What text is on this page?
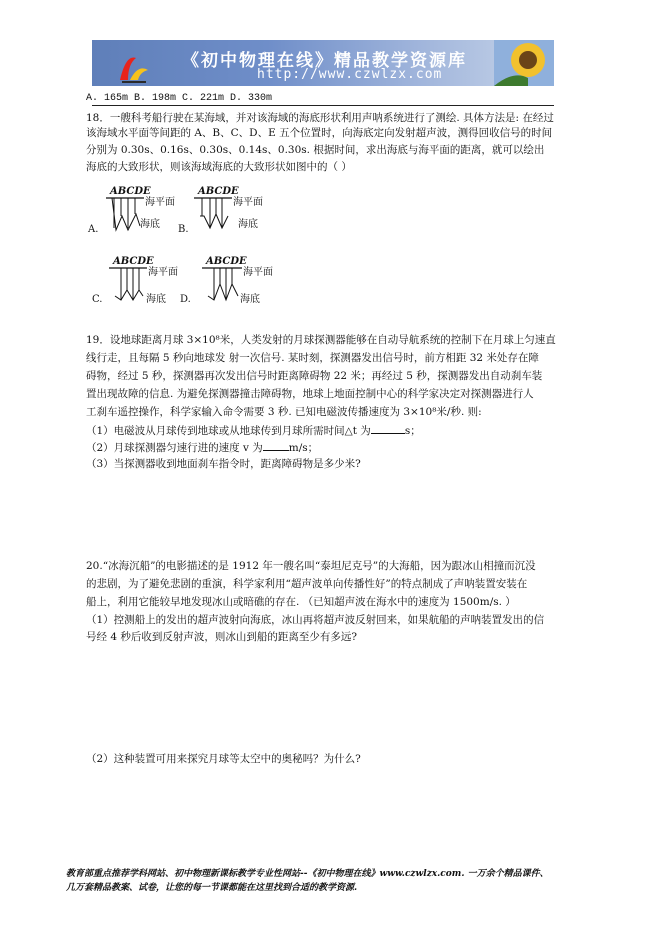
《初中物理在线》精品教学资源库
http://www.czwlzx.com
A. 165m B. 198m C. 221m D. 330m
18．一艘科考船行驶在某海域，并对该海域的海底形状利用声呐系统进行了测绘. 具体方法是: 在经过
该海域水平面等间距的 A、B、C、D、E 五个位置时，向海底定向发射超声波，测得回收信号的时间
分别为 0.30s、0.16s、0.30s、0.14s、0.30s. 根据时间，求出海底与海平面的距离，就可以绘出
海底的大致形状，则该海域海底的大致形状如图中的（ ）
A.
ABCDE
海平面
海底 B.
ABCDE
海平面
海底
C.
ABCDE
海平面
海底 D.
ABCDE
海平面
海底
19．设地球距离月球 3×10⁸米，人类发射的月球探测器能够在自动导航系统的控制下在月球上匀速直
线行走，且每隔 5 秒向地球发 射一次信号. 某时刻，探测器发出信号时，前方相距 32 米处存在障
碍物，经过 5 秒，探测器再次发出信号时距离障碍物 22 米；再经过 5 秒，探测器发出自动刹车装
置出现故障的信息. 为避免探测器撞击障碍物，地球上地面控制中心的科学家决定对探测器进行人
工刹车遥控操作，科学家输入命令需要 3 秒. 已知电磁波传播速度为 3×10⁸米/秒. 则:
（1）电磁波从月球传到地球或从地球传到月球所需时间△t 为	s；
（2）月球探测器匀速行进的速度 v 为 m/s；
（3）当探测器收到地面刹车指令时，距离障碍物是多少米?
20.“冰海沉船”的电影描述的是 1912 年一艘名叫“泰坦尼克号”的大海船，因为跟冰山相撞而沉没
的悲剧，为了避免悲剧的重演，科学家利用“超声波单向传播性好”的特点制成了声呐装置安装在
船上，利用它能较早地发现冰山或暗礁的存在. （已知超声波在海水中的速度为 1500m/s. ）
（1）控测船上的发出的超声波射向海底，冰山再将超声波反射回来，如果航船的声呐装置发出的信
号经 4 秒后收到反射声波，则冰山到船的距离至少有多远?
（2）这种装置可用来探究月球等太空中的奥秘吗？为什么?
教育部重点推荐学科网站、初中物理新课标教学专业性网站--《初中物理在线》www.czwlzx.com. 一万余个精品课件、
几万套精品教案、试卷，让您的每一节课都能在这里找到合适的教学资源.
